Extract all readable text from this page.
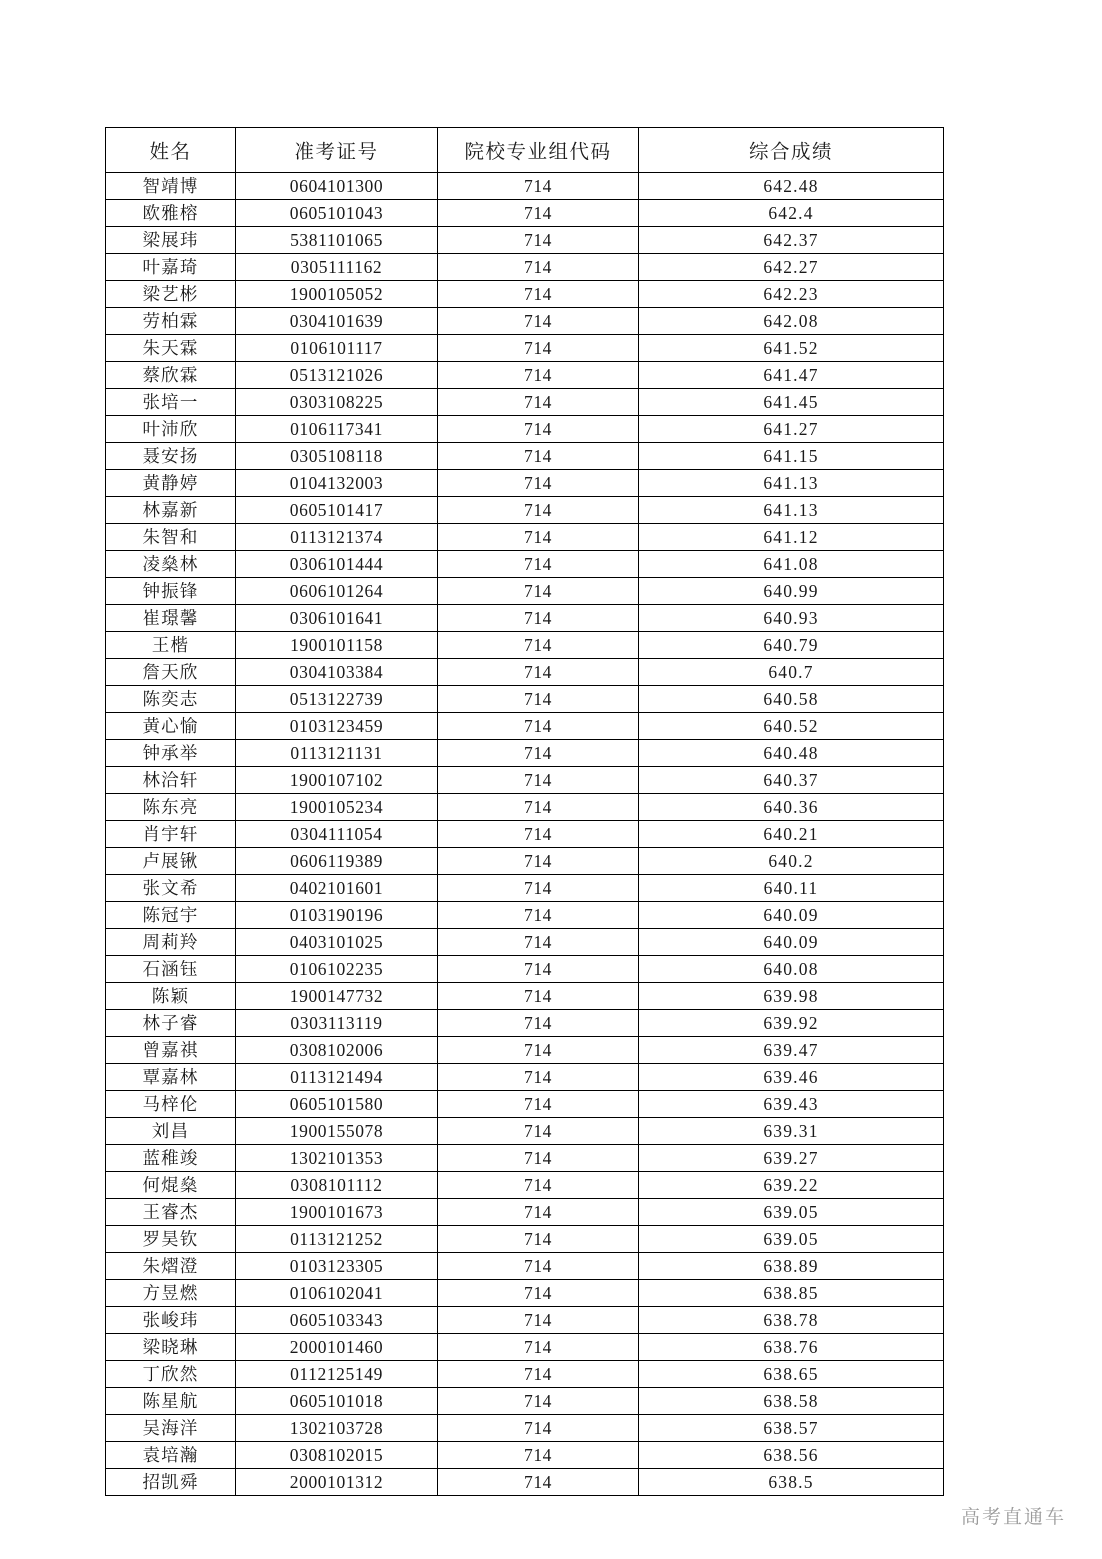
姓名	准考证号	院校专业组代码	综合成绩
智靖博	0604101300	714	642.48
欧雅榕	0605101043	714	642.4
梁展玮	5381101065	714	642.37
叶嘉琦	0305111162	714	642.27
梁艺彬	1900105052	714	642.23
劳柏霖	0304101639	714	642.08
朱天霖	0106101117	714	641.52
蔡欣霖	0513121026	714	641.47
张培一	0303108225	714	641.45
叶沛欣	0106117341	714	641.27
聂安扬	0305108118	714	641.15
黄静婷	0104132003	714	641.13
林嘉新	0605101417	714	641.13
朱智和	0113121374	714	641.12
凌燊林	0306101444	714	641.08
钟振锋	0606101264	714	640.99
崔璟馨	0306101641	714	640.93
王楷	1900101158	714	640.79
詹天欣	0304103384	714	640.7
陈奕志	0513122739	714	640.58
黄心愉	0103123459	714	640.52
钟承举	0113121131	714	640.48
林洽轩	1900107102	714	640.37
陈东亮	1900105234	714	640.36
肖宇轩	0304111054	714	640.21
卢展锹	0606119389	714	640.2
张文希	0402101601	714	640.11
陈冠宇	0103190196	714	640.09
周莉羚	0403101025	714	640.09
石涵钰	0106102235	714	640.08
陈颖	1900147732	714	639.98
林子睿	0303113119	714	639.92
曾嘉祺	0308102006	714	639.47
覃嘉林	0113121494	714	639.46
马梓伦	0605101580	714	639.43
刘昌	1900155078	714	639.31
蓝稚竣	1302101353	714	639.27
何焜燊	0308101112	714	639.22
王睿杰	1900101673	714	639.05
罗昊钦	0113121252	714	639.05
朱熠澄	0103123305	714	638.89
方昱燃	0106102041	714	638.85
张峻玮	0605103343	714	638.78
梁晓琳	2000101460	714	638.76
丁欣然	0112125149	714	638.65
陈星航	0605101018	714	638.58
吴海洋	1302103728	714	638.57
袁培瀚	0308102015	714	638.56
招凯舜	2000101312	714	638.5
高考直通车
